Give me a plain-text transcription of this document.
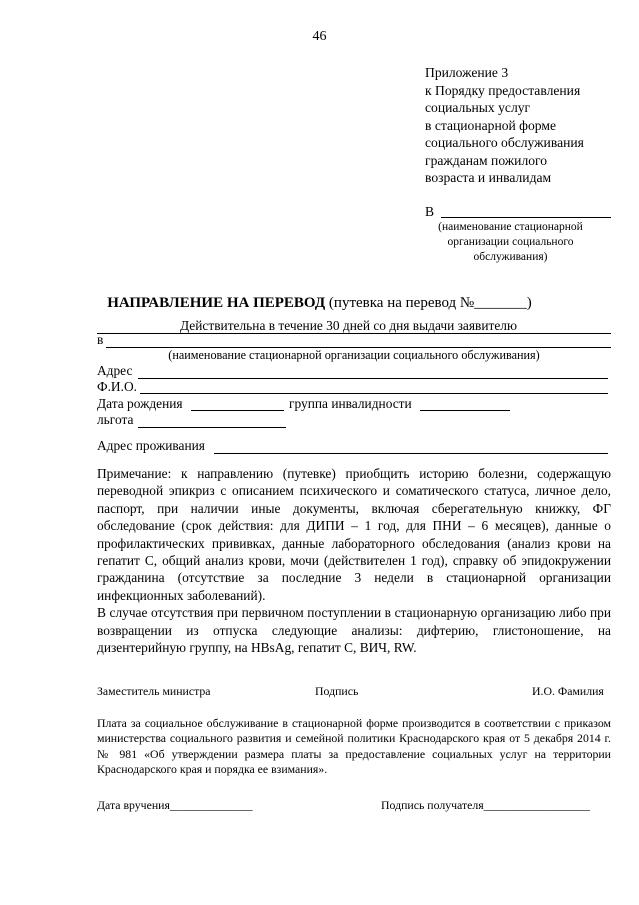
46
Приложение 3
к Порядку предоставления
социальных услуг
в стационарной форме
социального обслуживания
гражданам пожилого
возраста и инвалидам
В
(наименование стационарной организации социального обслуживания)
НАПРАВЛЕНИЕ НА ПЕРЕВОД (путевка на перевод №_______)
Действительна в течение 30 дней со дня выдачи заявителю
в
(наименование стационарной организации социального обслуживания)
Адрес
Ф.И.О.
Дата рождения	группа инвалидности
льгота
Адрес проживания

Примечание: к направлению (путевке) приобщить историю болезни, содержащую переводной эпикриз с описанием психического и соматического статуса, личное дело, паспорт, при наличии иные документы, включая сберегательную книжку, ФГ обследование (срок действия: для ДИПИ – 1 год, для ПНИ – 6 месяцев), данные о профилактических прививках, данные лабораторного обследования (анализ крови на гепатит С, общий анализ крови, мочи (действителен 1 год), справку об эпидокружении гражданина (отсутствие за последние 3 недели в стационарной организации инфекционных заболеваний).

В случае отсутствия при первичном поступлении в стационарную организацию либо при возвращении из отпуска следующие анализы: дифтерию, глистоношение, на дизентерийную группу, на HBsAg, гепатит С, ВИЧ, RW.

Заместитель министра	Подпись	И.О. Фамилия
Плата за социальное обслуживание в стационарной форме производится в соответствии с приказом министерства социального развития и семейной политики Краснодарского края от 5 декабря 2014 г. № 981 «Об утверждении размера платы за предоставление социальных услуг на территории Краснодарского края и порядка ее взимания».
Дата вручения______________	Подпись получателя__________________
